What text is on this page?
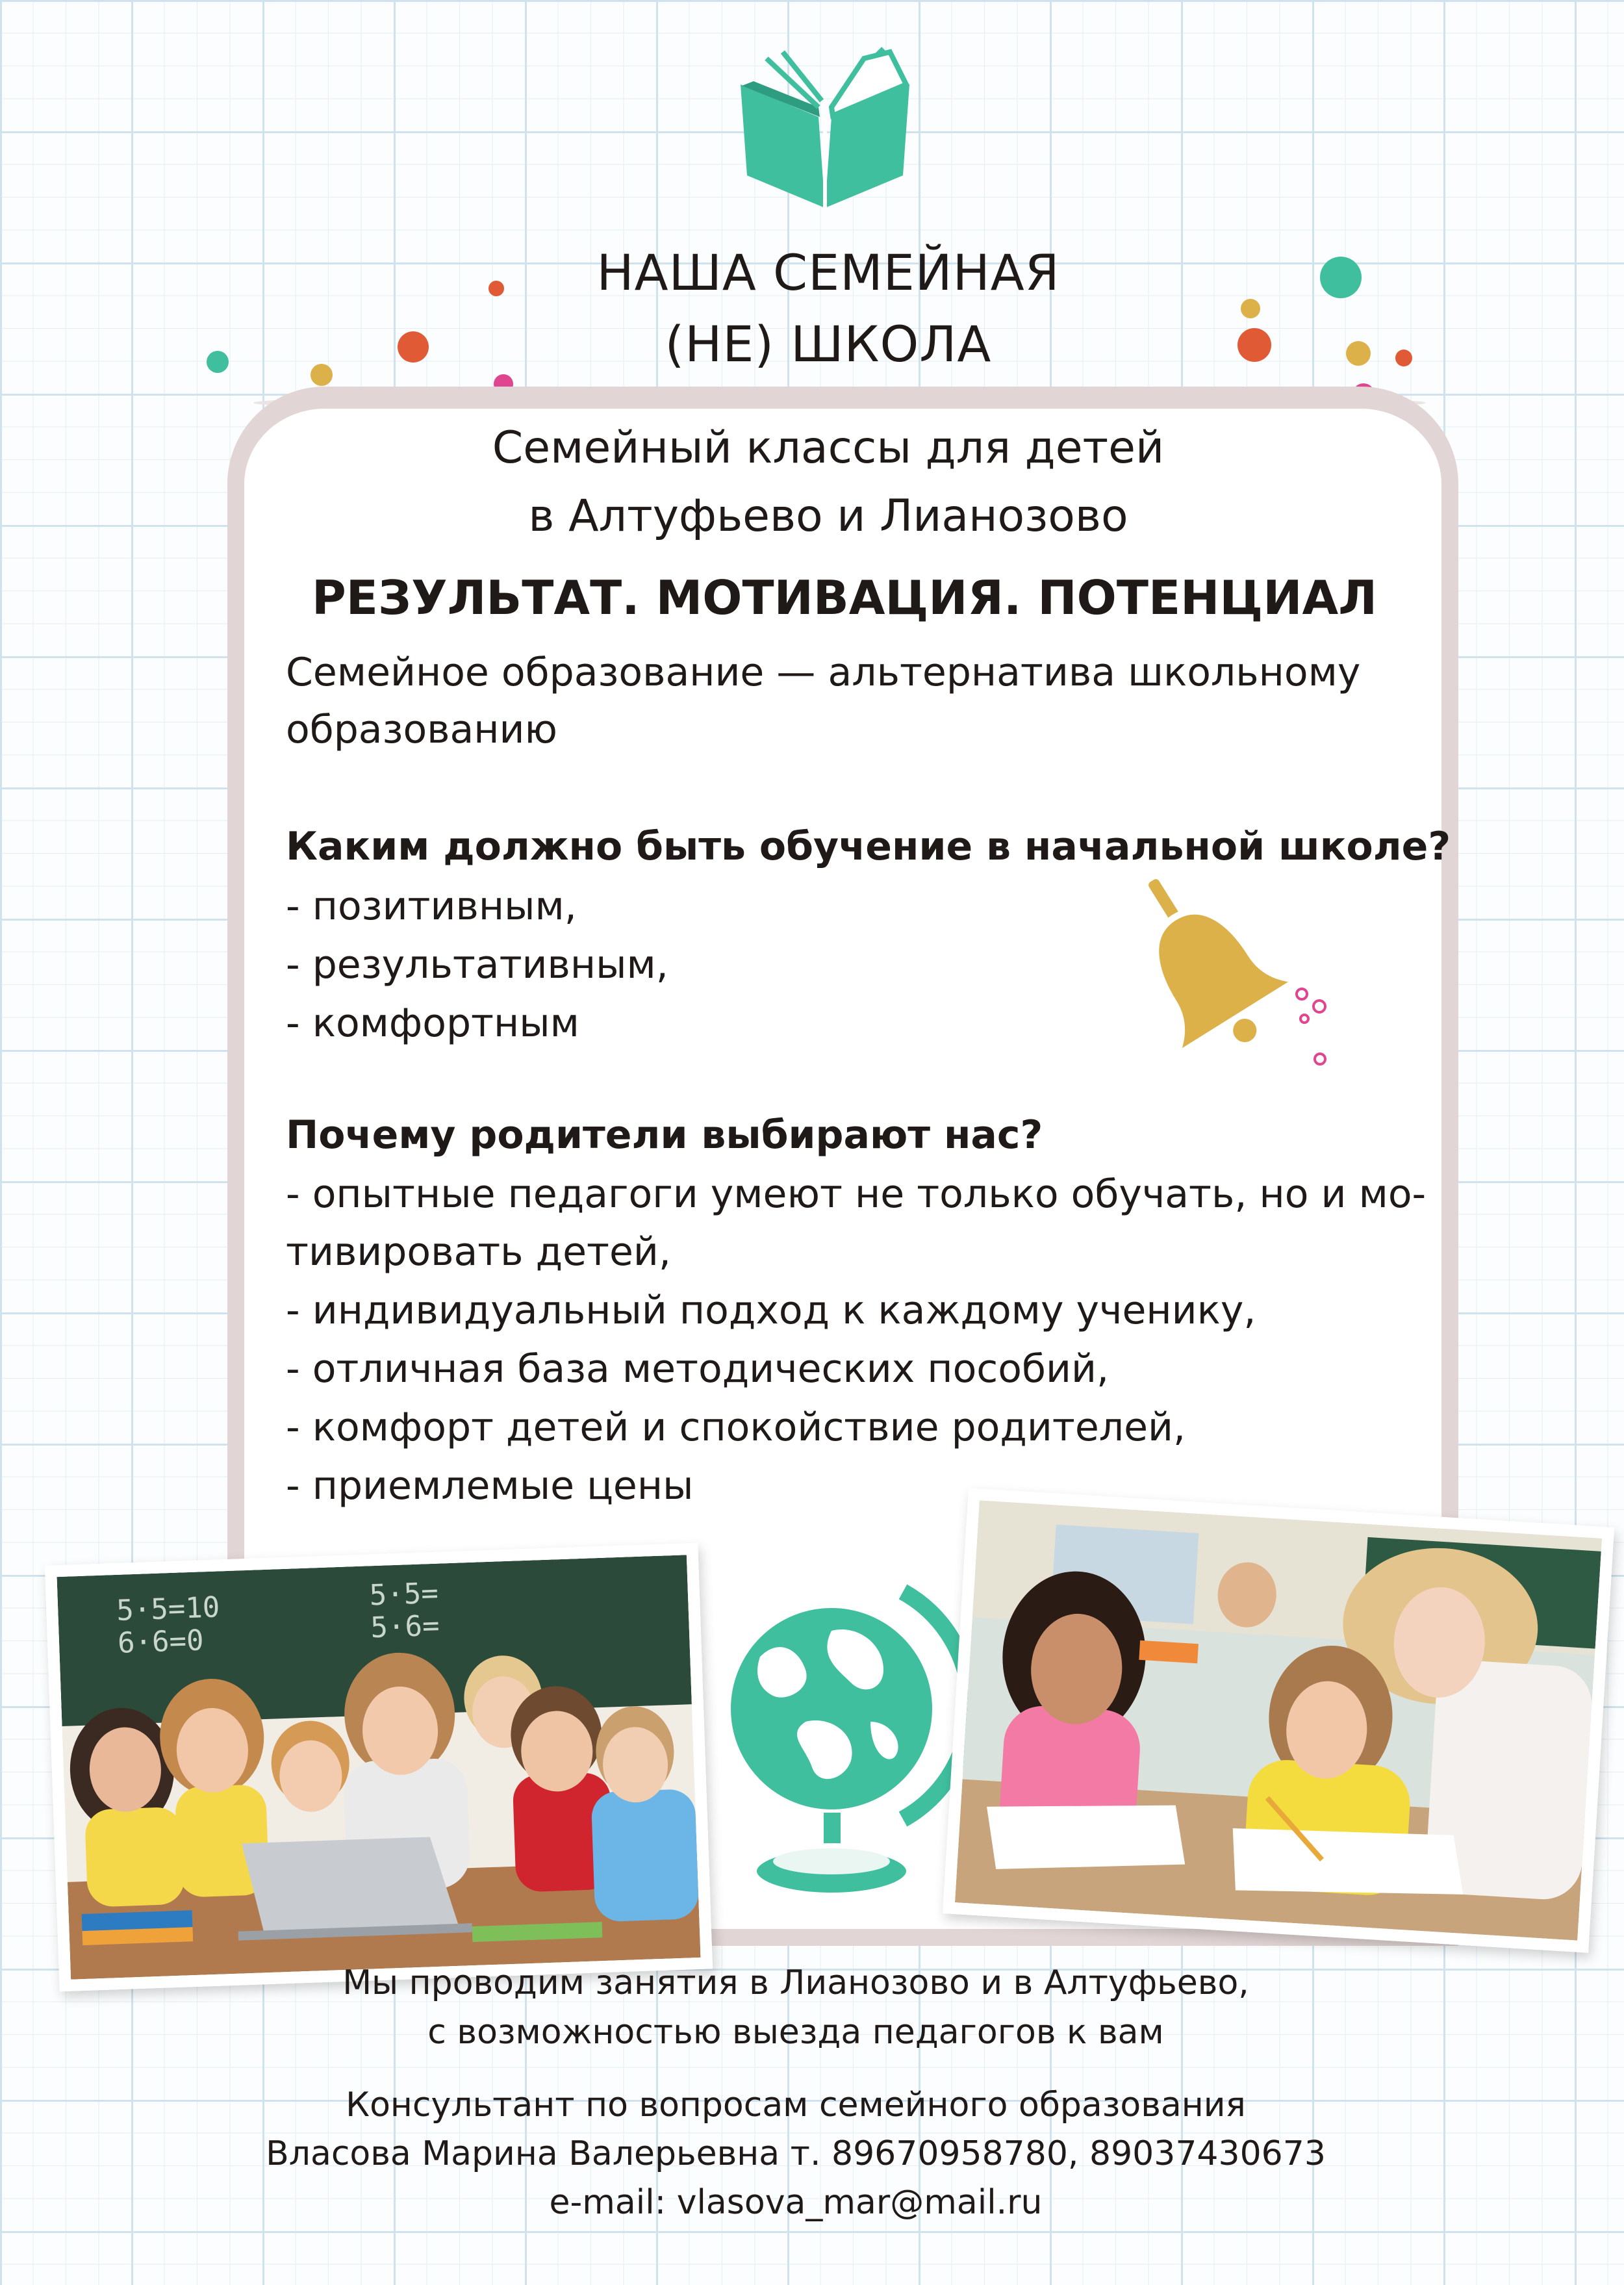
НАША СЕМЕЙНАЯ
(НЕ) ШКОЛА
Семейный классы для детей
в Алтуфьево и Лианозово
РЕЗУЛЬТАТ. МОТИВАЦИЯ. ПОТЕНЦИАЛ
Семейное образование — альтернатива школьному
образованию
Каким должно быть обучение в начальной школе?
- позитивным,
- результативным,
- комфортным
Почему родители выбирают нас?
- опытные педагоги умеют не только обучать, но и мо-
тивировать детей,
- индивидуальный подход к каждому ученику,
- отличная база методических пособий,
- комфорт детей и спокойствие родителей,
- приемлемые цены
5·5=10
6·6=0
5·5=
5·6=
Мы проводим занятия в Лианозово и в Алтуфьево,
с возможностью выезда педагогов к вам
Консультант по вопросам семейного образования
Власова Марина Валерьевна т. 89670958780, 89037430673
e-mail: vlasova_mar@mail.ru
